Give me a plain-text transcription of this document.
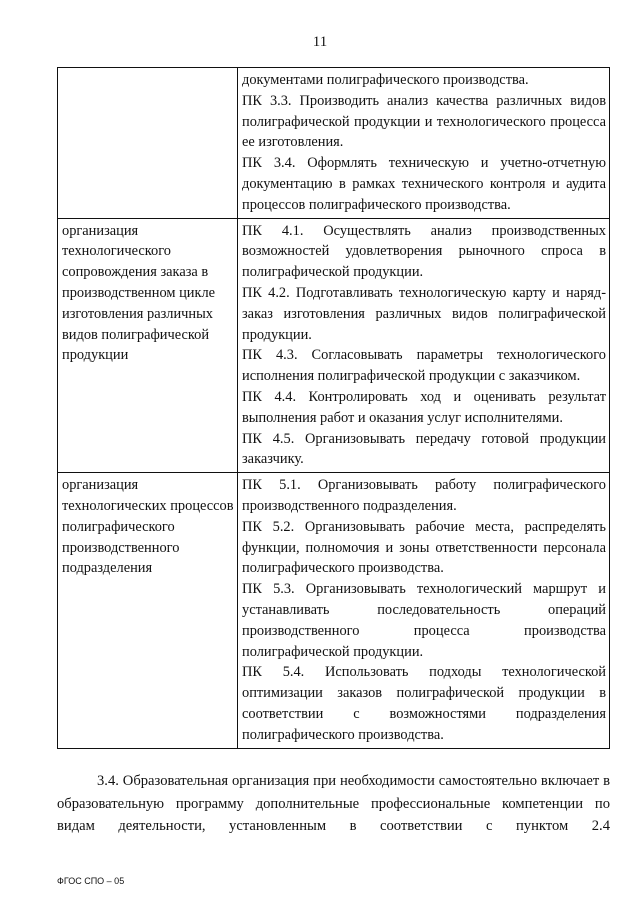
11

	документами полиграфического производства.

ПК 3.3. Производить анализ качества различных видов полиграфической продукции и технологического процесса ее изготовления.

ПК 3.4. Оформлять техническую и учетно-отчетную документацию в рамках технического контроля и аудита процессов полиграфического производства.

организация технологического сопровождения заказа в производственном цикле изготовления различных видов полиграфической продукции	ПК 4.1. Осуществлять анализ производственных возможностей удовлетворения рыночного спроса в полиграфической продукции.

ПК 4.2. Подготавливать технологическую карту и наряд-заказ изготовления различных видов полиграфической продукции.

ПК 4.3. Согласовывать параметры технологического исполнения полиграфической продукции с заказчиком.

ПК 4.4. Контролировать ход и оценивать результат выполнения работ и оказания услуг исполнителями.

ПК 4.5. Организовывать передачу готовой продукции заказчику.

организация технологических процессов полиграфического производственного подразделения	ПК 5.1. Организовывать работу полиграфического производственного подразделения.

ПК 5.2. Организовывать рабочие места, распределять функции, полномочия и зоны ответственности персонала полиграфического производства.

ПК 5.3. Организовывать технологический маршрут и устанавливать последовательность операций производственного процесса производства полиграфической продукции.

ПК 5.4. Использовать подходы технологической оптимизации заказов полиграфической продукции в соответствии с возможностями подразделения полиграфического производства.

3.4. Образовательная организация при необходимости самостоятельно включает в образовательную программу дополнительные профессиональные компетенции по видам деятельности, установленным в соответствии с пунктом 2.4

ФГОС СПО – 05
